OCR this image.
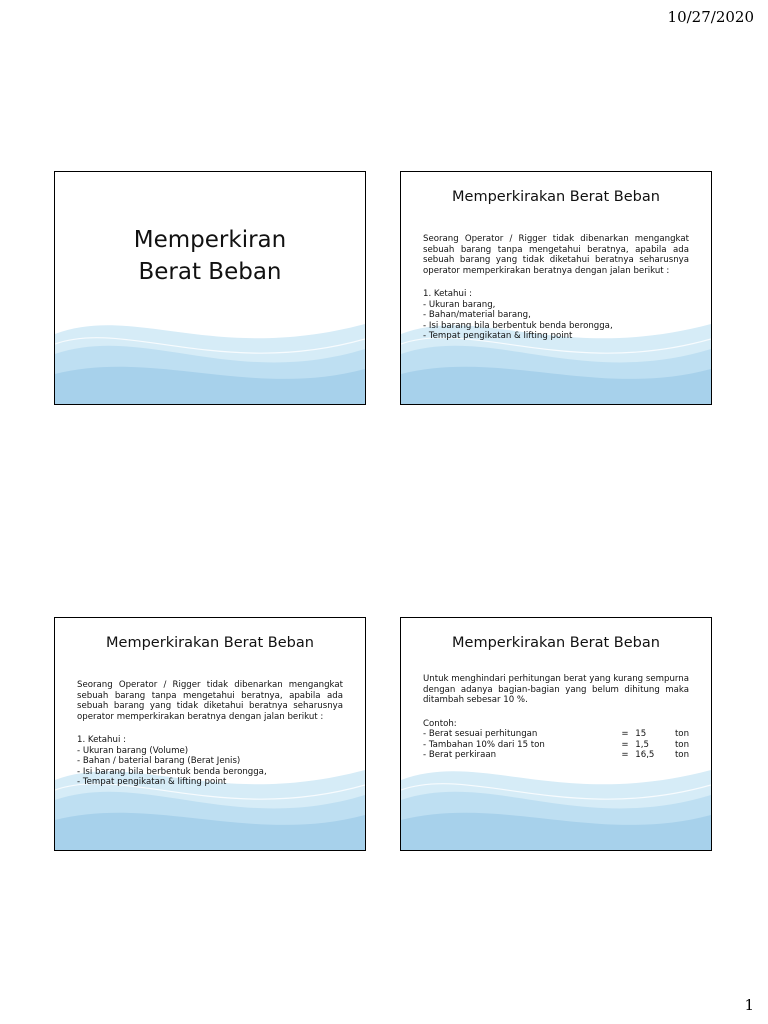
10/27/2020
Memperkiran
Berat Beban
Memperkirakan Berat Beban

Seorang Operator / Rigger tidak dibenarkan mengangkat sebuah barang tanpa mengetahui beratnya, apabila ada sebuah barang yang tidak diketahui beratnya seharusnya operator memperkirakan beratnya dengan jalan berikut :

1. Ketahui :

- Ukuran barang,

- Bahan/material barang,

- Isi barang bila berbentuk benda berongga,

- Tempat pengikatan & lifting point

Memperkirakan Berat Beban

Seorang Operator / Rigger tidak dibenarkan mengangkat sebuah barang tanpa mengetahui beratnya, apabila ada sebuah barang yang tidak diketahui beratnya seharusnya operator memperkirakan beratnya dengan jalan berikut :

1. Ketahui :

- Ukuran barang (Volume)

- Bahan / baterial barang (Berat Jenis)

- Isi barang bila berbentuk benda berongga,

- Tempat pengikatan & lifting point

Memperkirakan Berat Beban

Untuk menghindari perhitungan berat yang kurang sempurna dengan adanya bagian-bagian yang belum dihitung maka ditambah sebesar 10 %.

Contoh:

- Berat sesuai perhitungan	= 15	ton
- Tambahan 10% dari 15 ton	= 1,5	ton
- Berat perkiraan	= 16,5	ton
1
